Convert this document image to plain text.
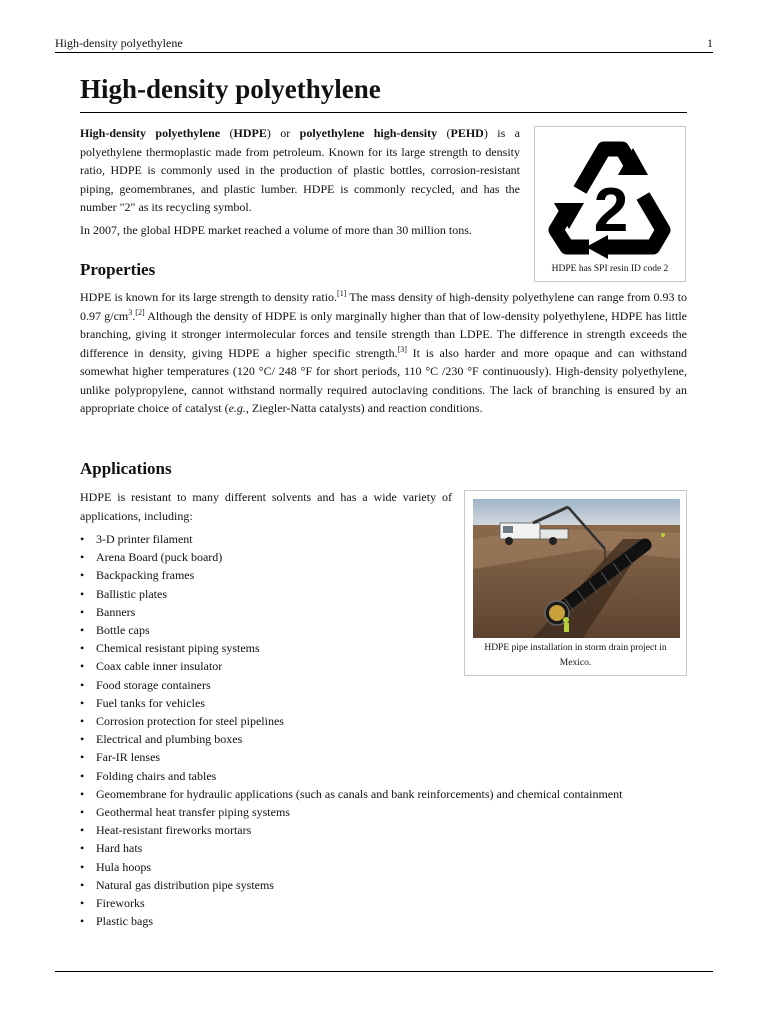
High-density polyethylene	1
High-density polyethylene

High-density polyethylene (HDPE) or polyethylene high-density (PEHD) is a polyethylene thermoplastic made from petroleum. Known for its large strength to density ratio, HDPE is commonly used in the production of plastic bottles, corrosion-resistant piping, geomembranes, and plastic lumber. HDPE is commonly recycled, and has the number "2" as its recycling symbol.

In 2007, the global HDPE market reached a volume of more than 30 million tons.	2
HDPE has SPI resin ID code 2
Properties

HDPE is known for its large strength to density ratio.[1] The mass density of high-density polyethylene can range from 0.93 to 0.97 $g/cm^3.[2]$ Although the density of HDPE is only marginally higher than that of low-density polyethylene, HDPE has little branching, giving it stronger intermolecular forces and tensile strength than LDPE. The difference in strength exceeds the difference in density, giving HDPE a higher specific strength.[3] It is also harder and more opaque and can withstand somewhat higher temperatures (120 °C/ 248 °F for short periods, 110 °C /230 °F continuously). High-density polyethylene, unlike polypropylene, cannot withstand normally required autoclaving conditions. The lack of branching is ensured by an appropriate choice of catalyst (e.g., Ziegler-Natta catalysts) and reaction conditions.

Applications

HDPE is resistant to many different solvents and has a wide variety of applications, including:

• 3-D printer filament
• Arena Board (puck board)
• Backpacking frames
• Ballistic plates
• Banners
• Bottle caps
• Chemical resistant piping systems
• Coax cable inner insulator
• Food storage containers
• Fuel tanks for vehicles
• Corrosion protection for steel pipelines
• Electrical and plumbing boxes
• Far-IR lenses
• Folding chairs and tables
• Geomembrane for hydraulic applications (such as canals and bank reinforcements) and chemical containment
• Geothermal heat transfer piping systems
• Heat-resistant fireworks mortars
• Hard hats
• Hula hoops
• Natural gas distribution pipe systems
• Fireworks
• Plastic bags
HDPE pipe installation in storm drain project in Mexico.
